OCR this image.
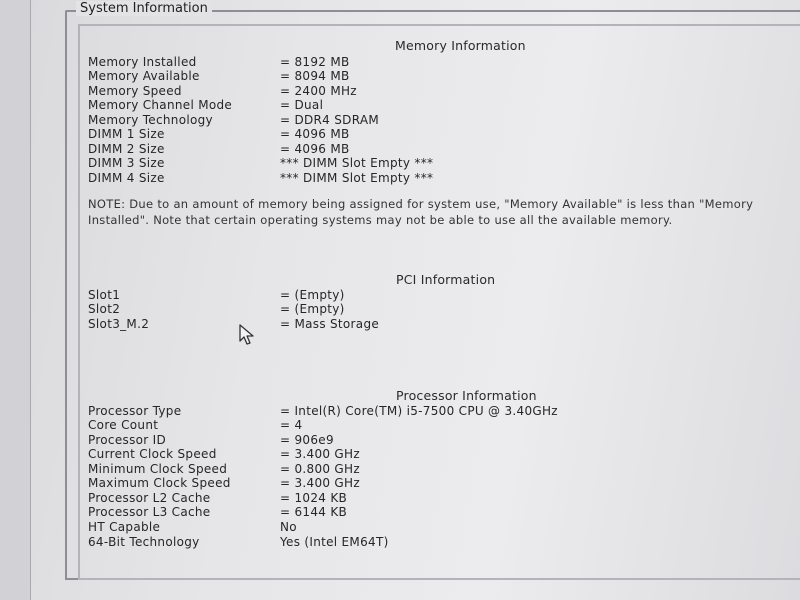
System Information
Memory Information
Memory Installed	= 8192 MB
Memory Available	= 8094 MB
Memory Speed	= 2400 MHz
Memory Channel Mode	= Dual
Memory Technology	= DDR4 SDRAM
DIMM 1 Size	= 4096 MB
DIMM 2 Size	= 4096 MB
DIMM 3 Size	*** DIMM Slot Empty ***
DIMM 4 Size	*** DIMM Slot Empty ***
NOTE: Due to an amount of memory being assigned for system use, "Memory Available" is less than "Memory Installed". Note that certain operating systems may not be able to use all the available memory.
PCI Information
Slot1	= (Empty)
Slot2	= (Empty)
Slot3_M.2	= Mass Storage
Processor Information
Processor Type	= Intel(R) Core(TM) i5-7500 CPU @ 3.40GHz
Core Count	= 4
Processor ID	= 906e9
Current Clock Speed	= 3.400 GHz
Minimum Clock Speed	= 0.800 GHz
Maximum Clock Speed	= 3.400 GHz
Processor L2 Cache	= 1024 KB
Processor L3 Cache	= 6144 KB
HT Capable	No
64-Bit Technology	Yes (Intel EM64T)
